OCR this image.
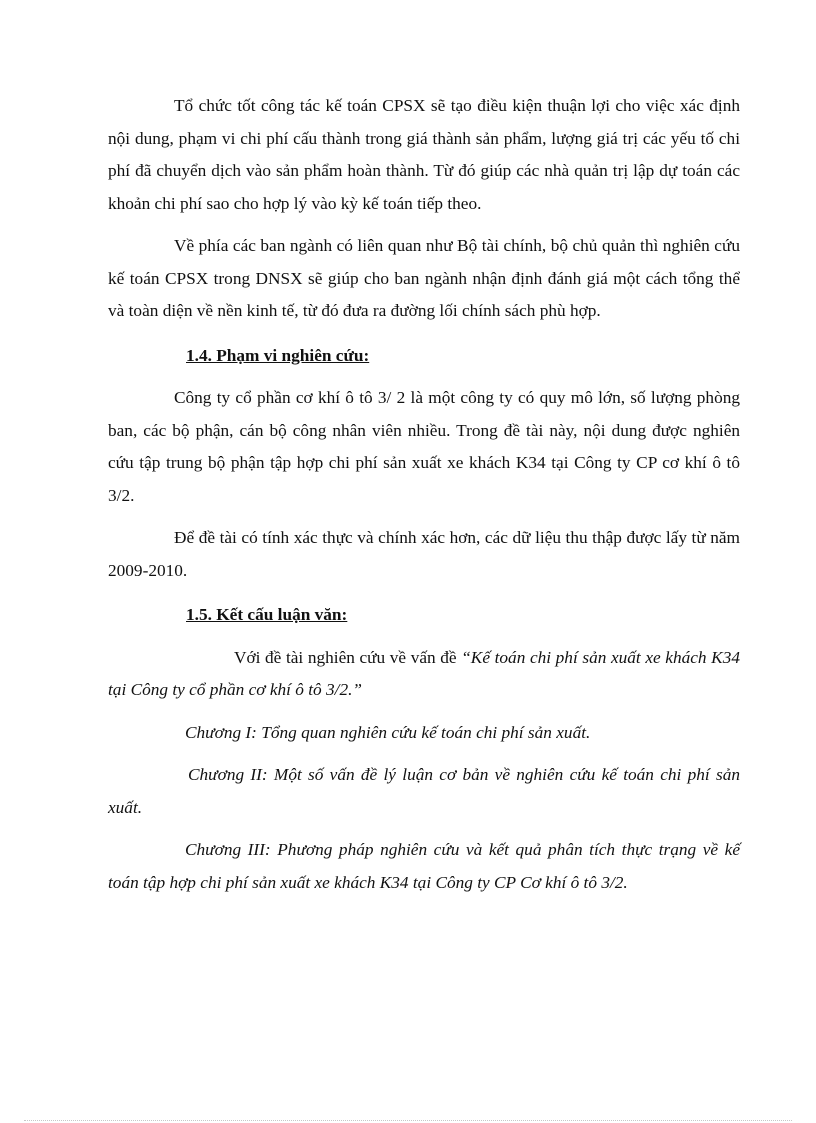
Tổ chức tốt công tác kế toán CPSX sẽ tạo điều kiện thuận lợi cho việc xác định nội dung, phạm vi chi phí cấu thành trong giá thành sản phẩm, lượng giá trị các yếu tố chi phí đã chuyển dịch vào sản phẩm hoàn thành. Từ đó giúp các nhà quản trị lập dự toán các khoản chi phí sao cho hợp lý vào kỳ kế toán tiếp theo.

Về phía các ban ngành có liên quan như Bộ tài chính, bộ chủ quản thì nghiên cứu kế toán CPSX trong DNSX sẽ giúp cho ban ngành nhận định đánh giá một cách tổng thể và toàn diện về nền kinh tế, từ đó đưa ra đường lối chính sách phù hợp.

1.4. Phạm vi nghiên cứu:

Công ty cổ phần cơ khí ô tô 3/ 2 là một công ty có quy mô lớn, số lượng phòng ban, các bộ phận, cán bộ công nhân viên nhiều. Trong đề tài này, nội dung được nghiên cứu tập trung bộ phận tập hợp chi phí sản xuất xe khách K34 tại Công ty CP cơ khí ô tô 3/2.

Để đề tài có tính xác thực và chính xác hơn, các dữ liệu thu thập được lấy từ năm 2009-2010.

1.5. Kết cấu luận văn:

Với đề tài nghiên cứu về vấn đề “Kế toán chi phí sản xuất xe khách K34 tại Công ty cổ phần cơ khí ô tô 3/2.”

Chương I: Tổng quan nghiên cứu kế toán chi phí sản xuất.

Chương II: Một số vấn đề lý luận cơ bản về nghiên cứu kế toán chi phí sản xuất.

Chương III: Phương pháp nghiên cứu và kết quả phân tích thực trạng về kế toán tập hợp chi phí sản xuất xe khách K34 tại Công ty CP Cơ khí ô tô 3/2.
